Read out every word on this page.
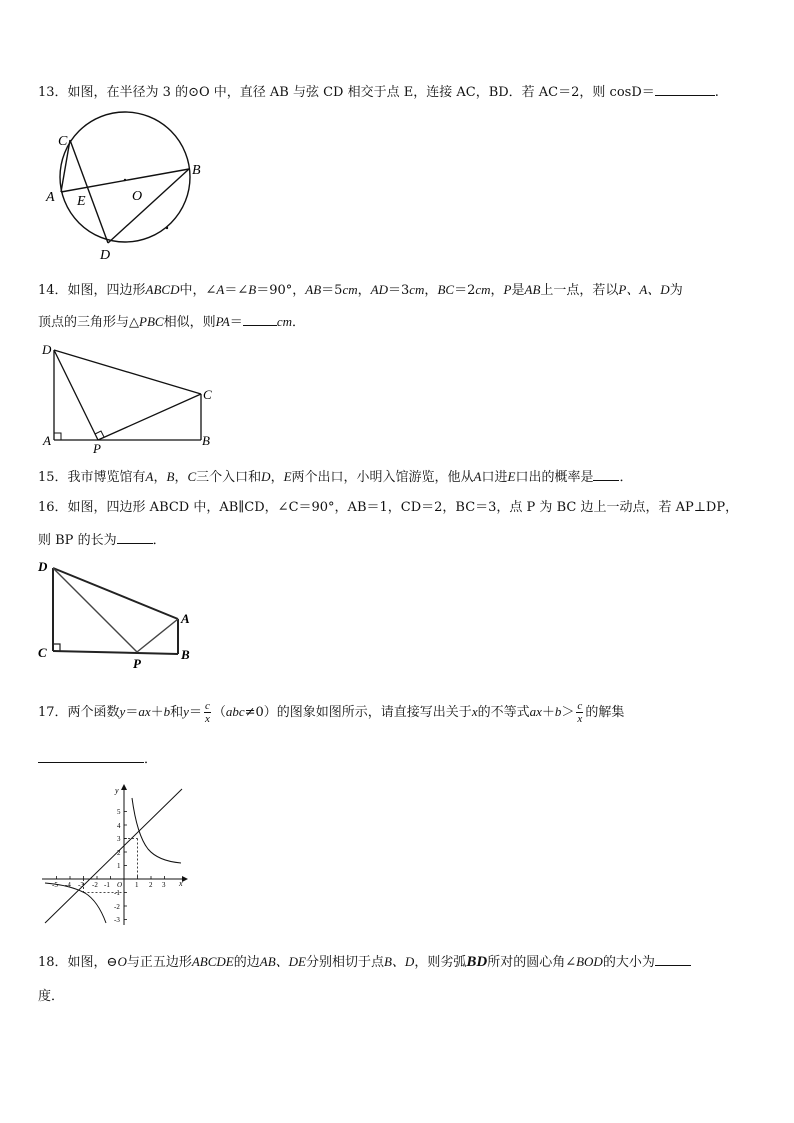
13．如图，在半径为 3 的⊙O 中，直径 AB 与弦 CD 相交于点 E，连接 AC，BD．若 AC＝2，则 cosD＝	.
C
A E	O
B
D
14．如图，四边形ABCD中，∠A＝∠B＝90°，AB＝5cm，AD＝3cm，BC＝2cm，P是AB上一点，若以P、A、D为
顶点的三角形与△PBC相似，则PA＝	cm．
D
C
A
P
B
15．我市博览馆有A，B，C三个入口和D，E两个出口，小明入馆游览，他从A口进E口出的概率是 ．
16．如图，四边形 ABCD 中，AB∥CD，∠C＝90°，AB＝1，CD＝2，BC＝3，点 P 为 BC 边上一动点，若 AP⊥DP，
则 BP 的长为	．
D
A
C
P
B
17．两个函数y＝ax＋b和$y= \frac{c}{x} (abc\ne 0)$的图象如图所示，请直接写出关于x的不等式$ax+b> \frac{c}{x}$ 的解集
．
y
x
5
4
3
2
1
-1
-2
-3
1 2 3
-5 -4 -3 -2 -1 O
18．如图，⊖O与正五边形ABCDE的边AB、DE分别相切于点B、D，则劣弧BD所对的圆心角∠BOD的大小为
度．
